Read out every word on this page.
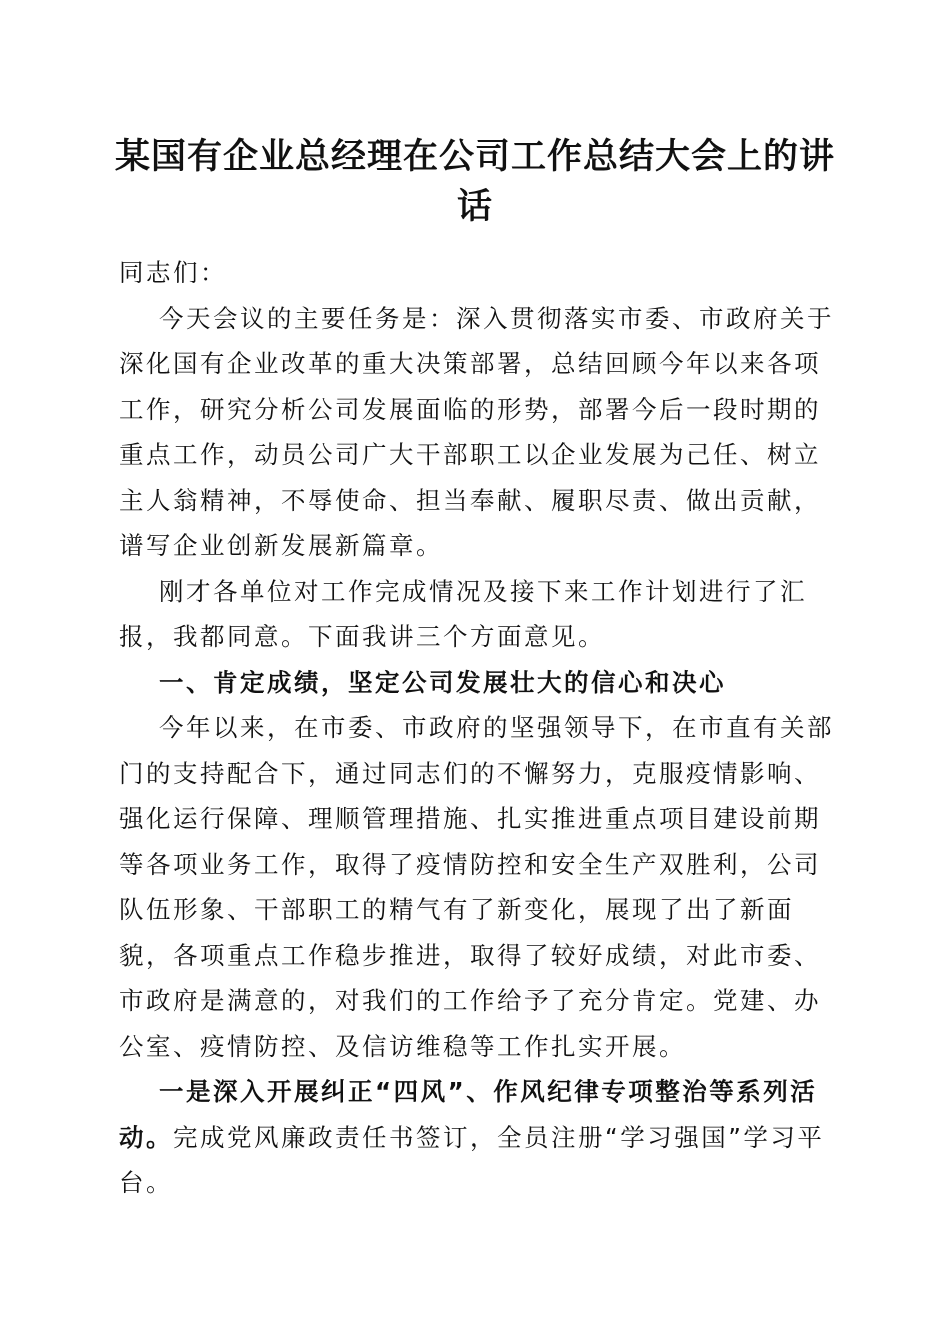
某国有企业总经理在公司工作总结大会上的讲话

同志们：

今天会议的主要任务是：深入贯彻落实市委、市政府关于深化国有企业改革的重大决策部署，总结回顾今年以来各项工作，研究分析公司发展面临的形势，部署今后一段时期的重点工作，动员公司广大干部职工以企业发展为己任、树立主人翁精神，不辱使命、担当奉献、履职尽责、做出贡献，谱写企业创新发展新篇章。

刚才各单位对工作完成情况及接下来工作计划进行了汇报，我都同意。下面我讲三个方面意见。

一、肯定成绩，坚定公司发展壮大的信心和决心

今年以来，在市委、市政府的坚强领导下，在市直有关部门的支持配合下，通过同志们的不懈努力，克服疫情影响、强化运行保障、理顺管理措施、扎实推进重点项目建设前期等各项业务工作，取得了疫情防控和安全生产双胜利，公司队伍形象、干部职工的精气有了新变化，展现了出了新面貌，各项重点工作稳步推进，取得了较好成绩，对此市委、市政府是满意的，对我们的工作给予了充分肯定。党建、办公室、疫情防控、及信访维稳等工作扎实开展。

一是深入开展纠正“四风”、作风纪律专项整治等系列活动。完成党风廉政责任书签订，全员注册“学习强国”学习平台。
